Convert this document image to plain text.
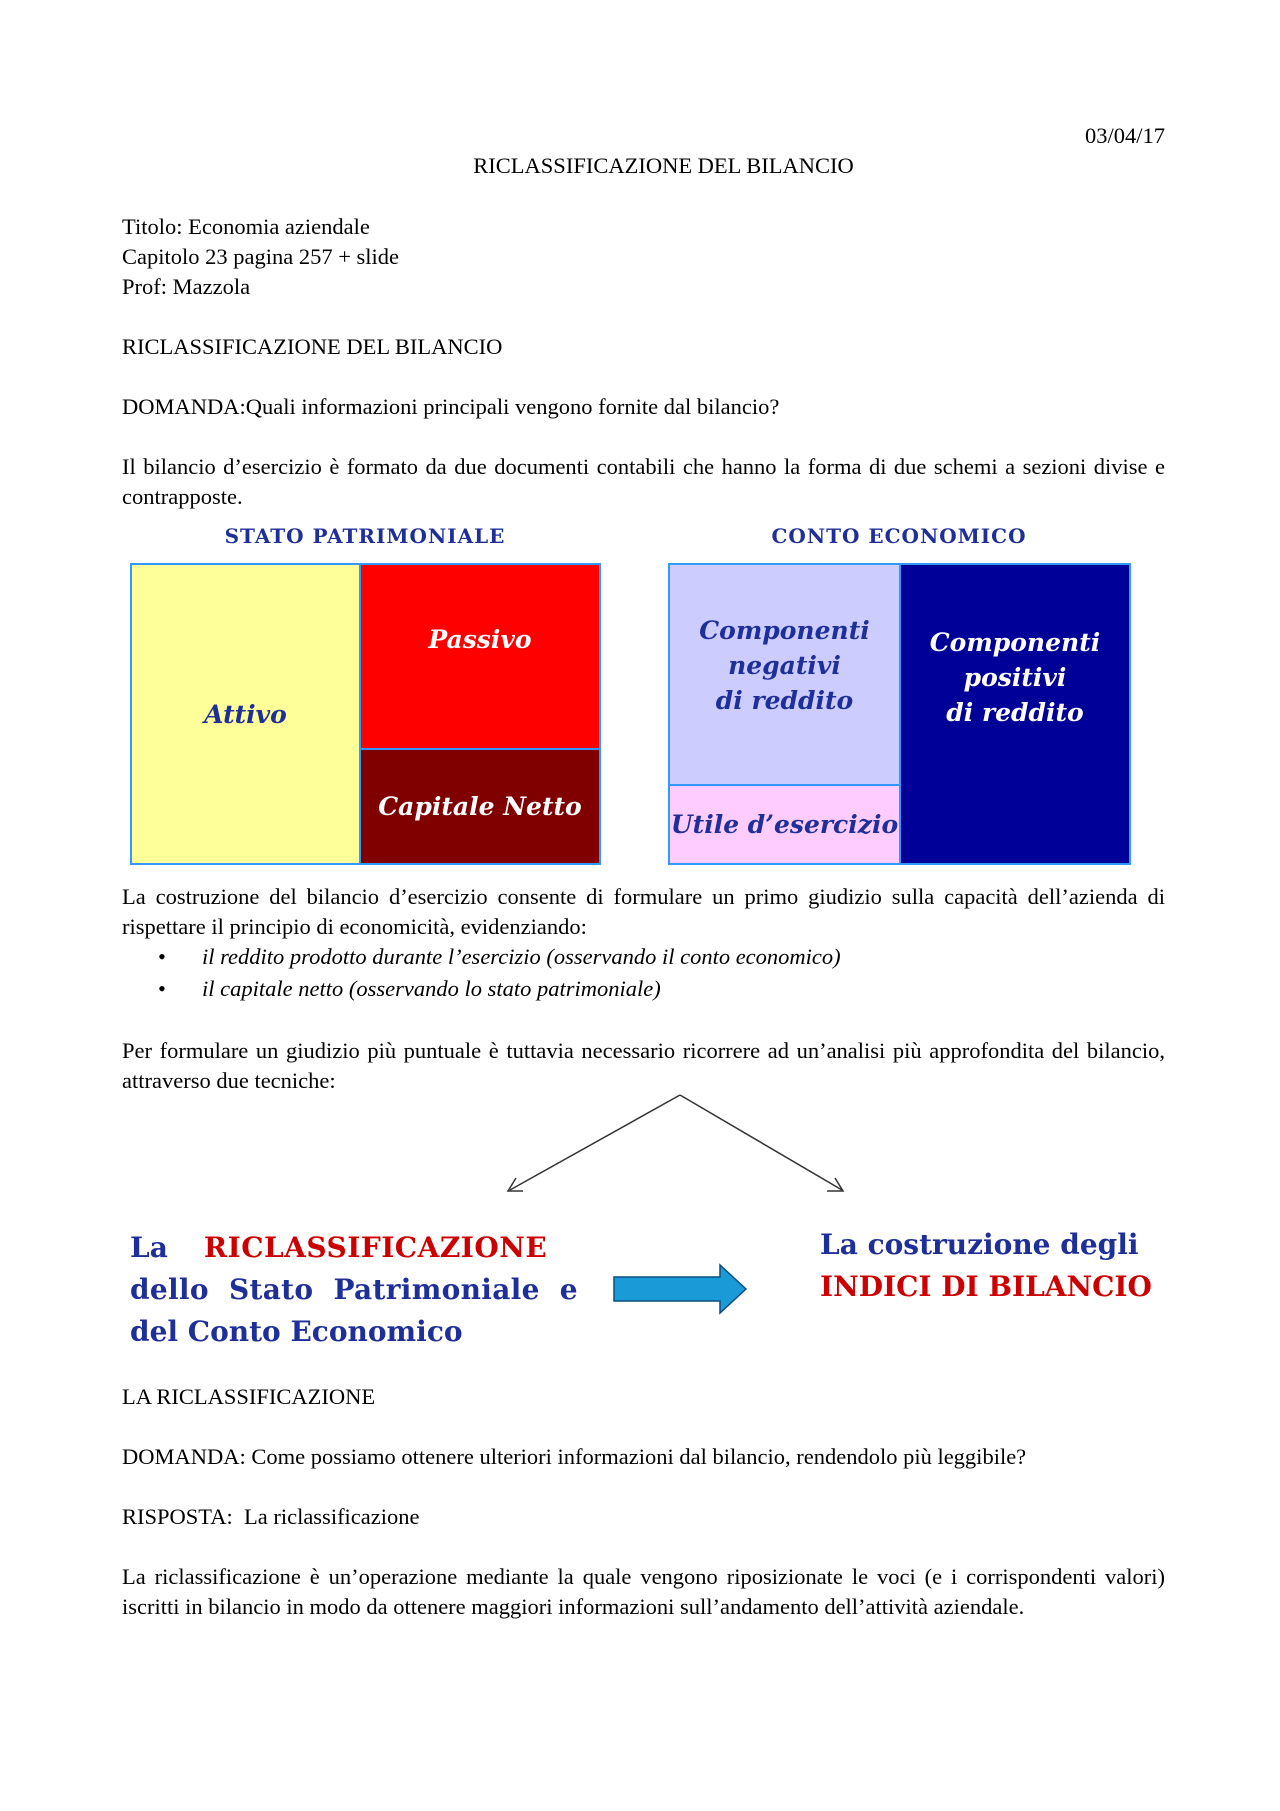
03/04/17
RICLASSIFICAZIONE DEL BILANCIO
Titolo: Economia aziendale
Capitolo 23 pagina 257 + slide
Prof: Mazzola
RICLASSIFICAZIONE DEL BILANCIO
DOMANDA:Quali informazioni principali vengono fornite dal bilancio?
Il bilancio d’esercizio è formato da due documenti contabili che hanno la forma di due schemi a sezioni divise e contrapposte.
STATO PATRIMONIALE
Attivo
Passivo
Capitale Netto
CONTO ECONOMICO
Componenti
negativi
di reddito
Utile d’esercizio
Componenti
positivi
di reddito
La costruzione del bilancio d’esercizio consente di formulare un primo giudizio sulla capacità dell’azienda di rispettare il principio di economicità, evidenziando:
• il reddito prodotto durante l’esercizio (osservando il conto economico)
• il capitale netto (osservando lo stato patrimoniale)
Per formulare un giudizio più puntuale è tuttavia necessario ricorrere ad un’analisi più approfondita del bilancio, attraverso due tecniche:
La RICLASSIFICAZIONE
dello  Stato  Patrimoniale  e
del Conto Economico
La costruzione degli
INDICI DI BILANCIO
LA RICLASSIFICAZIONE
DOMANDA: Come possiamo ottenere ulteriori informazioni dal bilancio, rendendolo più leggibile?
RISPOSTA:  La riclassificazione
La riclassificazione è un’operazione mediante la quale vengono riposizionate le voci (e i corrispondenti valori) iscritti in bilancio in modo da ottenere maggiori informazioni sull’andamento dell’attività aziendale.
